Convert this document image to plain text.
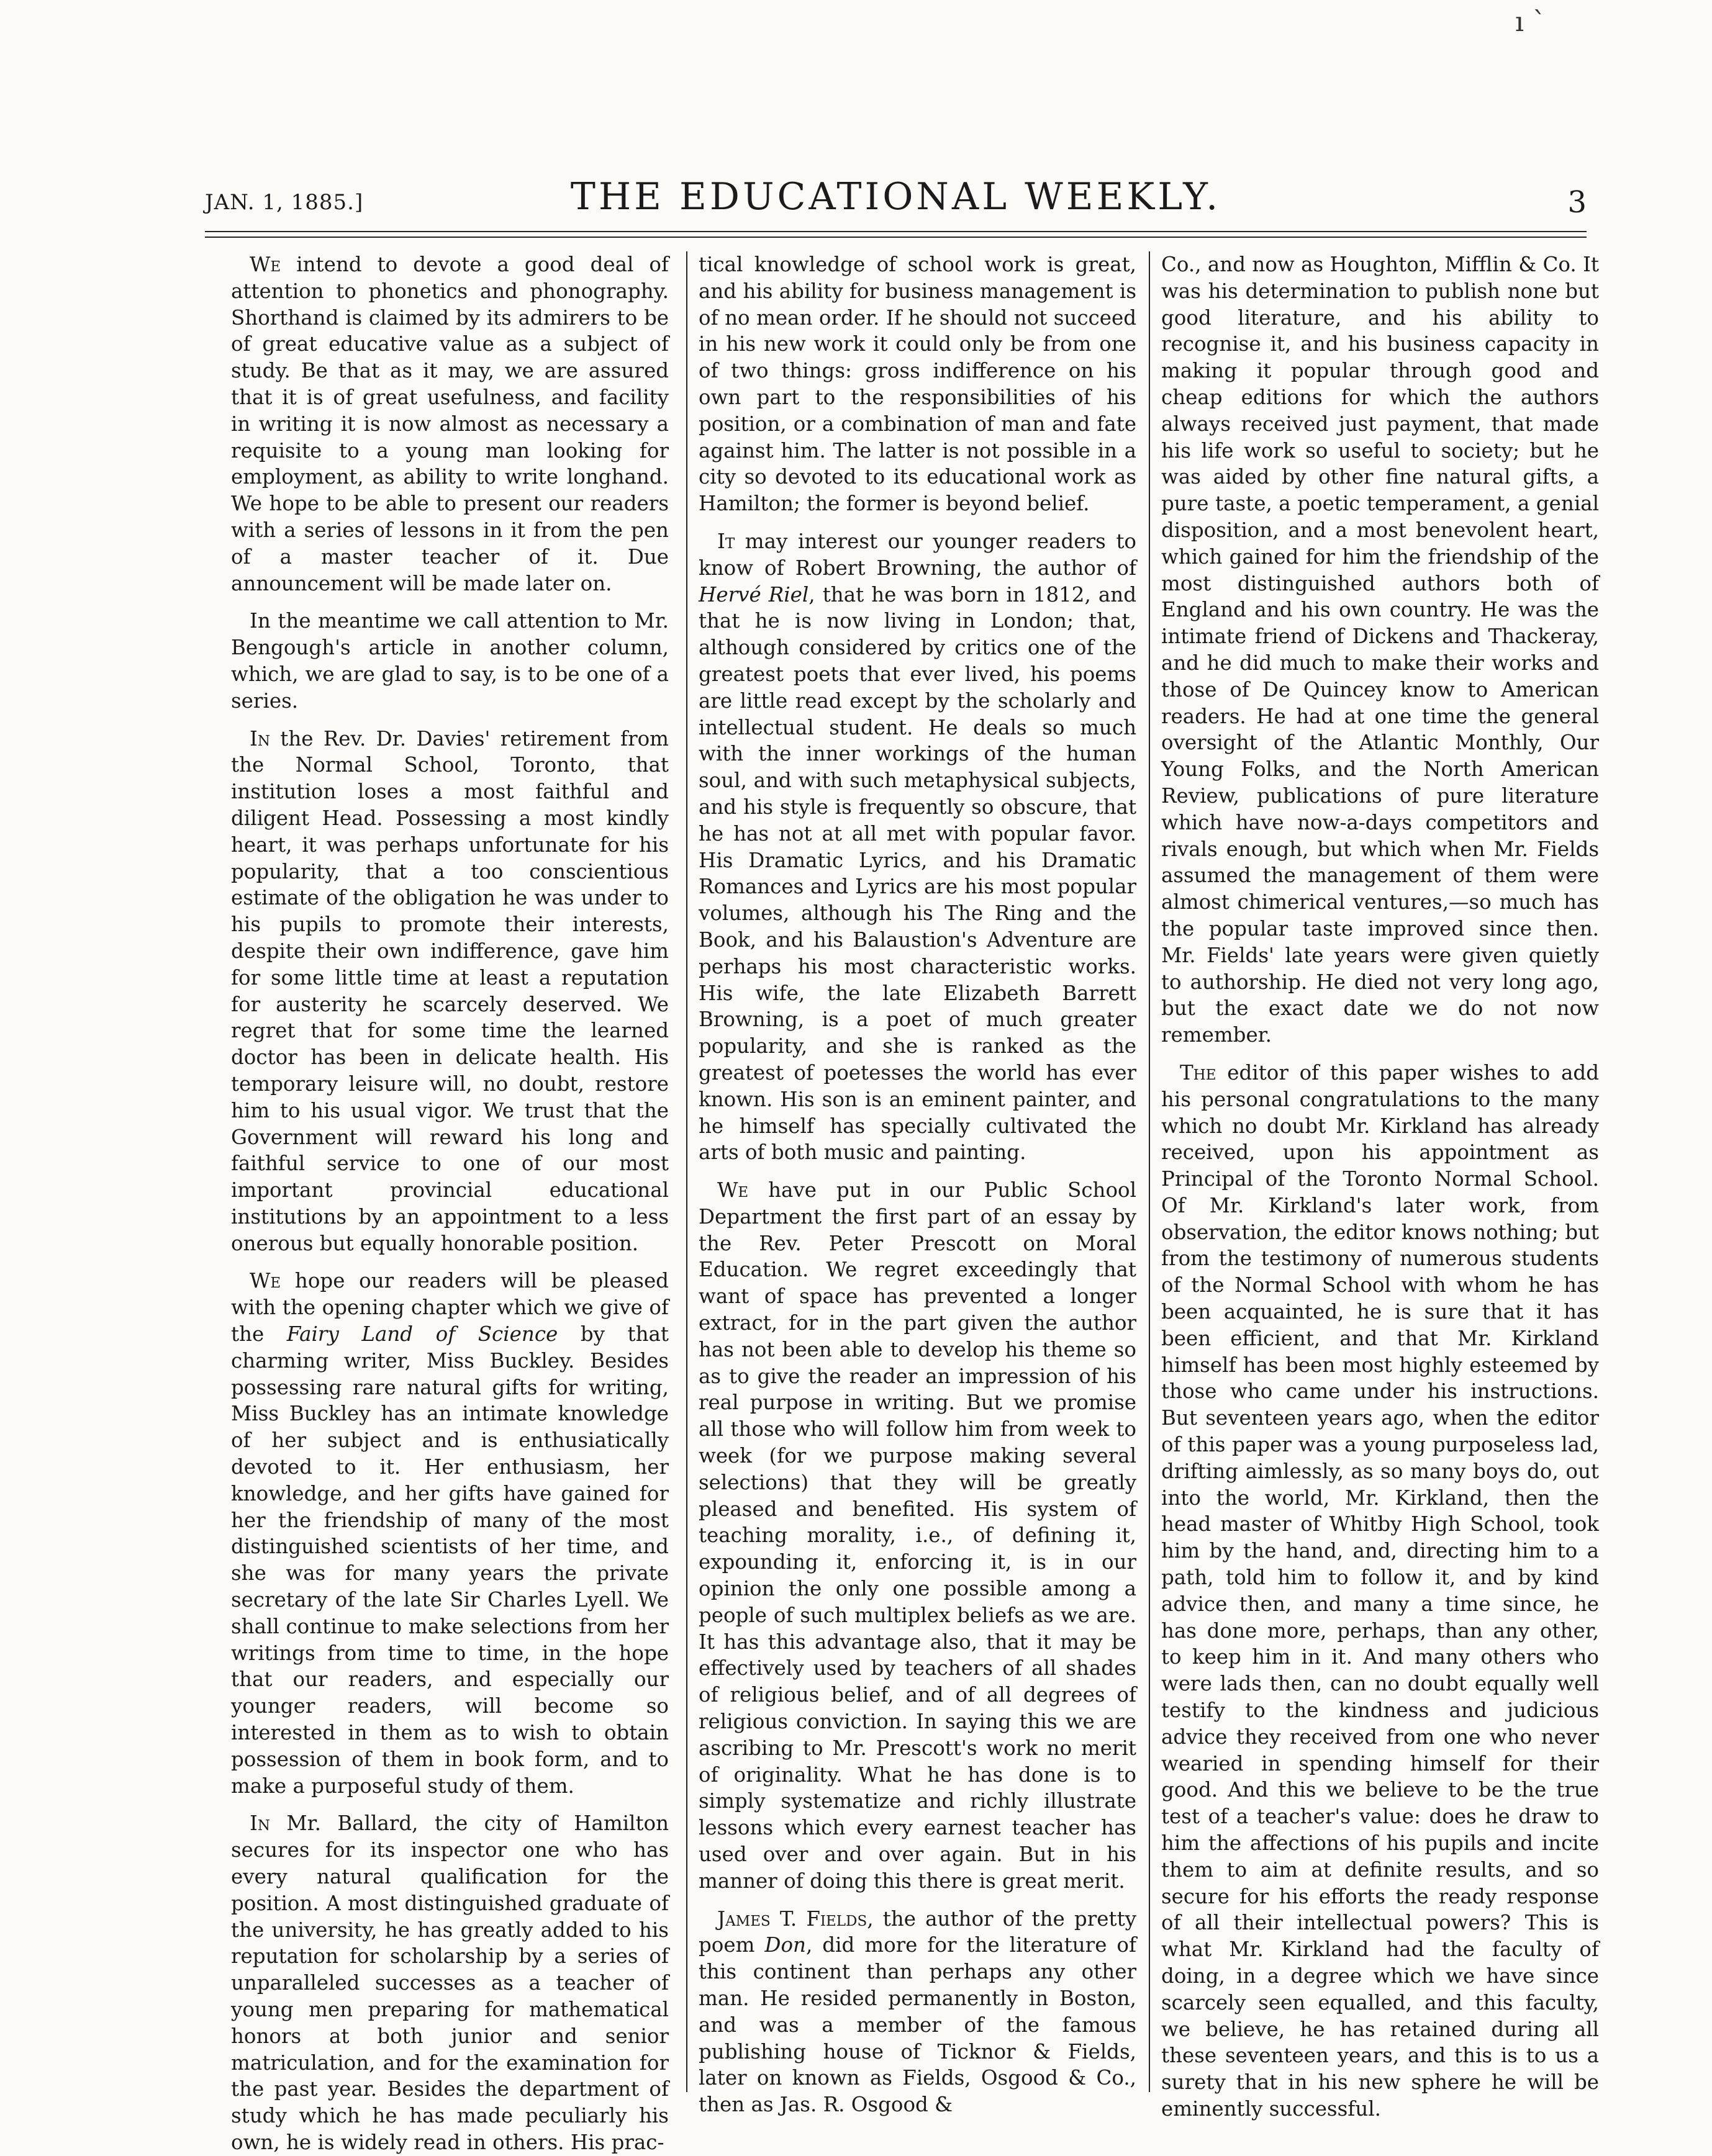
ı `
JAN. 1, 1885.]	THE EDUCATIONAL WEEKLY.	3

We intend to devote a good deal of attention to phonetics and phonography. Shorthand is claimed by its admirers to be of great educative value as a subject of study. Be that as it may, we are assured that it is of great usefulness, and facility in writing it is now almost as necessary a requisite to a young man looking for employment, as ability to write longhand. We hope to be able to present our readers with a series of lessons in it from the pen of a master teacher of it. Due announcement will be made later on.

In the meantime we call attention to Mr. Bengough's article in another column, which, we are glad to say, is to be one of a series.

In the Rev. Dr. Davies' retirement from the Normal School, Toronto, that institution loses a most faithful and diligent Head. Possessing a most kindly heart, it was perhaps unfortunate for his popularity, that a too conscientious estimate of the obligation he was under to his pupils to promote their interests, despite their own indifference, gave him for some little time at least a reputation for austerity he scarcely deserved. We regret that for some time the learned doctor has been in delicate health. His temporary leisure will, no doubt, restore him to his usual vigor. We trust that the Government will reward his long and faithful service to one of our most important provincial educational institutions by an appointment to a less onerous but equally honorable position.

We hope our readers will be pleased with the opening chapter which we give of the Fairy Land of Science by that charming writer, Miss Buckley. Besides possessing rare natural gifts for writing, Miss Buckley has an intimate knowledge of her subject and is enthusiatically devoted to it. Her enthusiasm, her knowledge, and her gifts have gained for her the friendship of many of the most distinguished scientists of her time, and she was for many years the private secretary of the late Sir Charles Lyell. We shall continue to make selections from her writings from time to time, in the hope that our readers, and especially our younger readers, will become so interested in them as to wish to obtain possession of them in book form, and to make a purposeful study of them.

In Mr. Ballard, the city of Hamilton secures for its inspector one who has every natural qualification for the position. A most distinguished graduate of the university, he has greatly added to his reputation for scholarship by a series of unparalleled successes as a teacher of young men preparing for mathematical honors at both junior and senior matriculation, and for the examination for the past year. Besides the department of study which he has made peculiarly his own, he is widely read in others. His prac-

tical knowledge of school work is great, and his ability for business management is of no mean order. If he should not succeed in his new work it could only be from one of two things: gross indifference on his own part to the responsibilities of his position, or a combination of man and fate against him. The latter is not possible in a city so devoted to its educational work as Hamilton; the former is beyond belief.

It may interest our younger readers to know of Robert Browning, the author of Hervé Riel, that he was born in 1812, and that he is now living in London; that, although considered by critics one of the greatest poets that ever lived, his poems are little read except by the scholarly and intellectual student. He deals so much with the inner workings of the human soul, and with such metaphysical subjects, and his style is frequently so obscure, that he has not at all met with popular favor. His Dramatic Lyrics, and his Dramatic Romances and Lyrics are his most popular volumes, although his The Ring and the Book, and his Balaustion's Adventure are perhaps his most characteristic works. His wife, the late Elizabeth Barrett Browning, is a poet of much greater popularity, and she is ranked as the greatest of poetesses the world has ever known. His son is an eminent painter, and he himself has specially cultivated the arts of both music and painting.

We have put in our Public School Department the first part of an essay by the Rev. Peter Prescott on Moral Education. We regret exceedingly that want of space has prevented a longer extract, for in the part given the author has not been able to develop his theme so as to give the reader an impression of his real purpose in writing. But we promise all those who will follow him from week to week (for we purpose making several selections) that they will be greatly pleased and benefited. His system of teaching morality, i.e., of defining it, expounding it, enforcing it, is in our opinion the only one possible among a people of such multiplex beliefs as we are. It has this advantage also, that it may be effectively used by teachers of all shades of religious belief, and of all degrees of religious conviction. In saying this we are ascribing to Mr. Prescott's work no merit of originality. What he has done is to simply systematize and richly illustrate lessons which every earnest teacher has used over and over again. But in his manner of doing this there is great merit.

James T. Fields, the author of the pretty poem Don, did more for the literature of this continent than perhaps any other man. He resided permanently in Boston, and was a member of the famous publishing house of Ticknor & Fields, later on known as Fields, Osgood & Co., then as Jas. R. Osgood &

Co., and now as Houghton, Mifflin & Co. It was his determination to publish none but good literature, and his ability to recognise it, and his business capacity in making it popular through good and cheap editions for which the authors always received just payment, that made his life work so useful to society; but he was aided by other fine natural gifts, a pure taste, a poetic temperament, a genial disposition, and a most benevolent heart, which gained for him the friendship of the most distinguished authors both of England and his own country. He was the intimate friend of Dickens and Thackeray, and he did much to make their works and those of De Quincey know to American readers. He had at one time the general oversight of the Atlantic Monthly, Our Young Folks, and the North American Review, publications of pure literature which have now-a-days competitors and rivals enough, but which when Mr. Fields assumed the management of them were almost chimerical ventures,—so much has the popular taste improved since then. Mr. Fields' late years were given quietly to authorship. He died not very long ago, but the exact date we do not now remember.

The editor of this paper wishes to add his personal congratulations to the many which no doubt Mr. Kirkland has already received, upon his appointment as Principal of the Toronto Normal School. Of Mr. Kirkland's later work, from observation, the editor knows nothing; but from the testimony of numerous students of the Normal School with whom he has been acquainted, he is sure that it has been efficient, and that Mr. Kirkland himself has been most highly esteemed by those who came under his instructions. But seventeen years ago, when the editor of this paper was a young purposeless lad, drifting aimlessly, as so many boys do, out into the world, Mr. Kirkland, then the head master of Whitby High School, took him by the hand, and, directing him to a path, told him to follow it, and by kind advice then, and many a time since, he has done more, perhaps, than any other, to keep him in it. And many others who were lads then, can no doubt equally well testify to the kindness and judicious advice they received from one who never wearied in spending himself for their good. And this we believe to be the true test of a teacher's value: does he draw to him the affections of his pupils and incite them to aim at definite results, and so secure for his efforts the ready response of all their intellectual powers? This is what Mr. Kirkland had the faculty of doing, in a degree which we have since scarcely seen equalled, and this faculty, we believe, he has retained during all these seventeen years, and this is to us a surety that in his new sphere he will be eminently successful.
